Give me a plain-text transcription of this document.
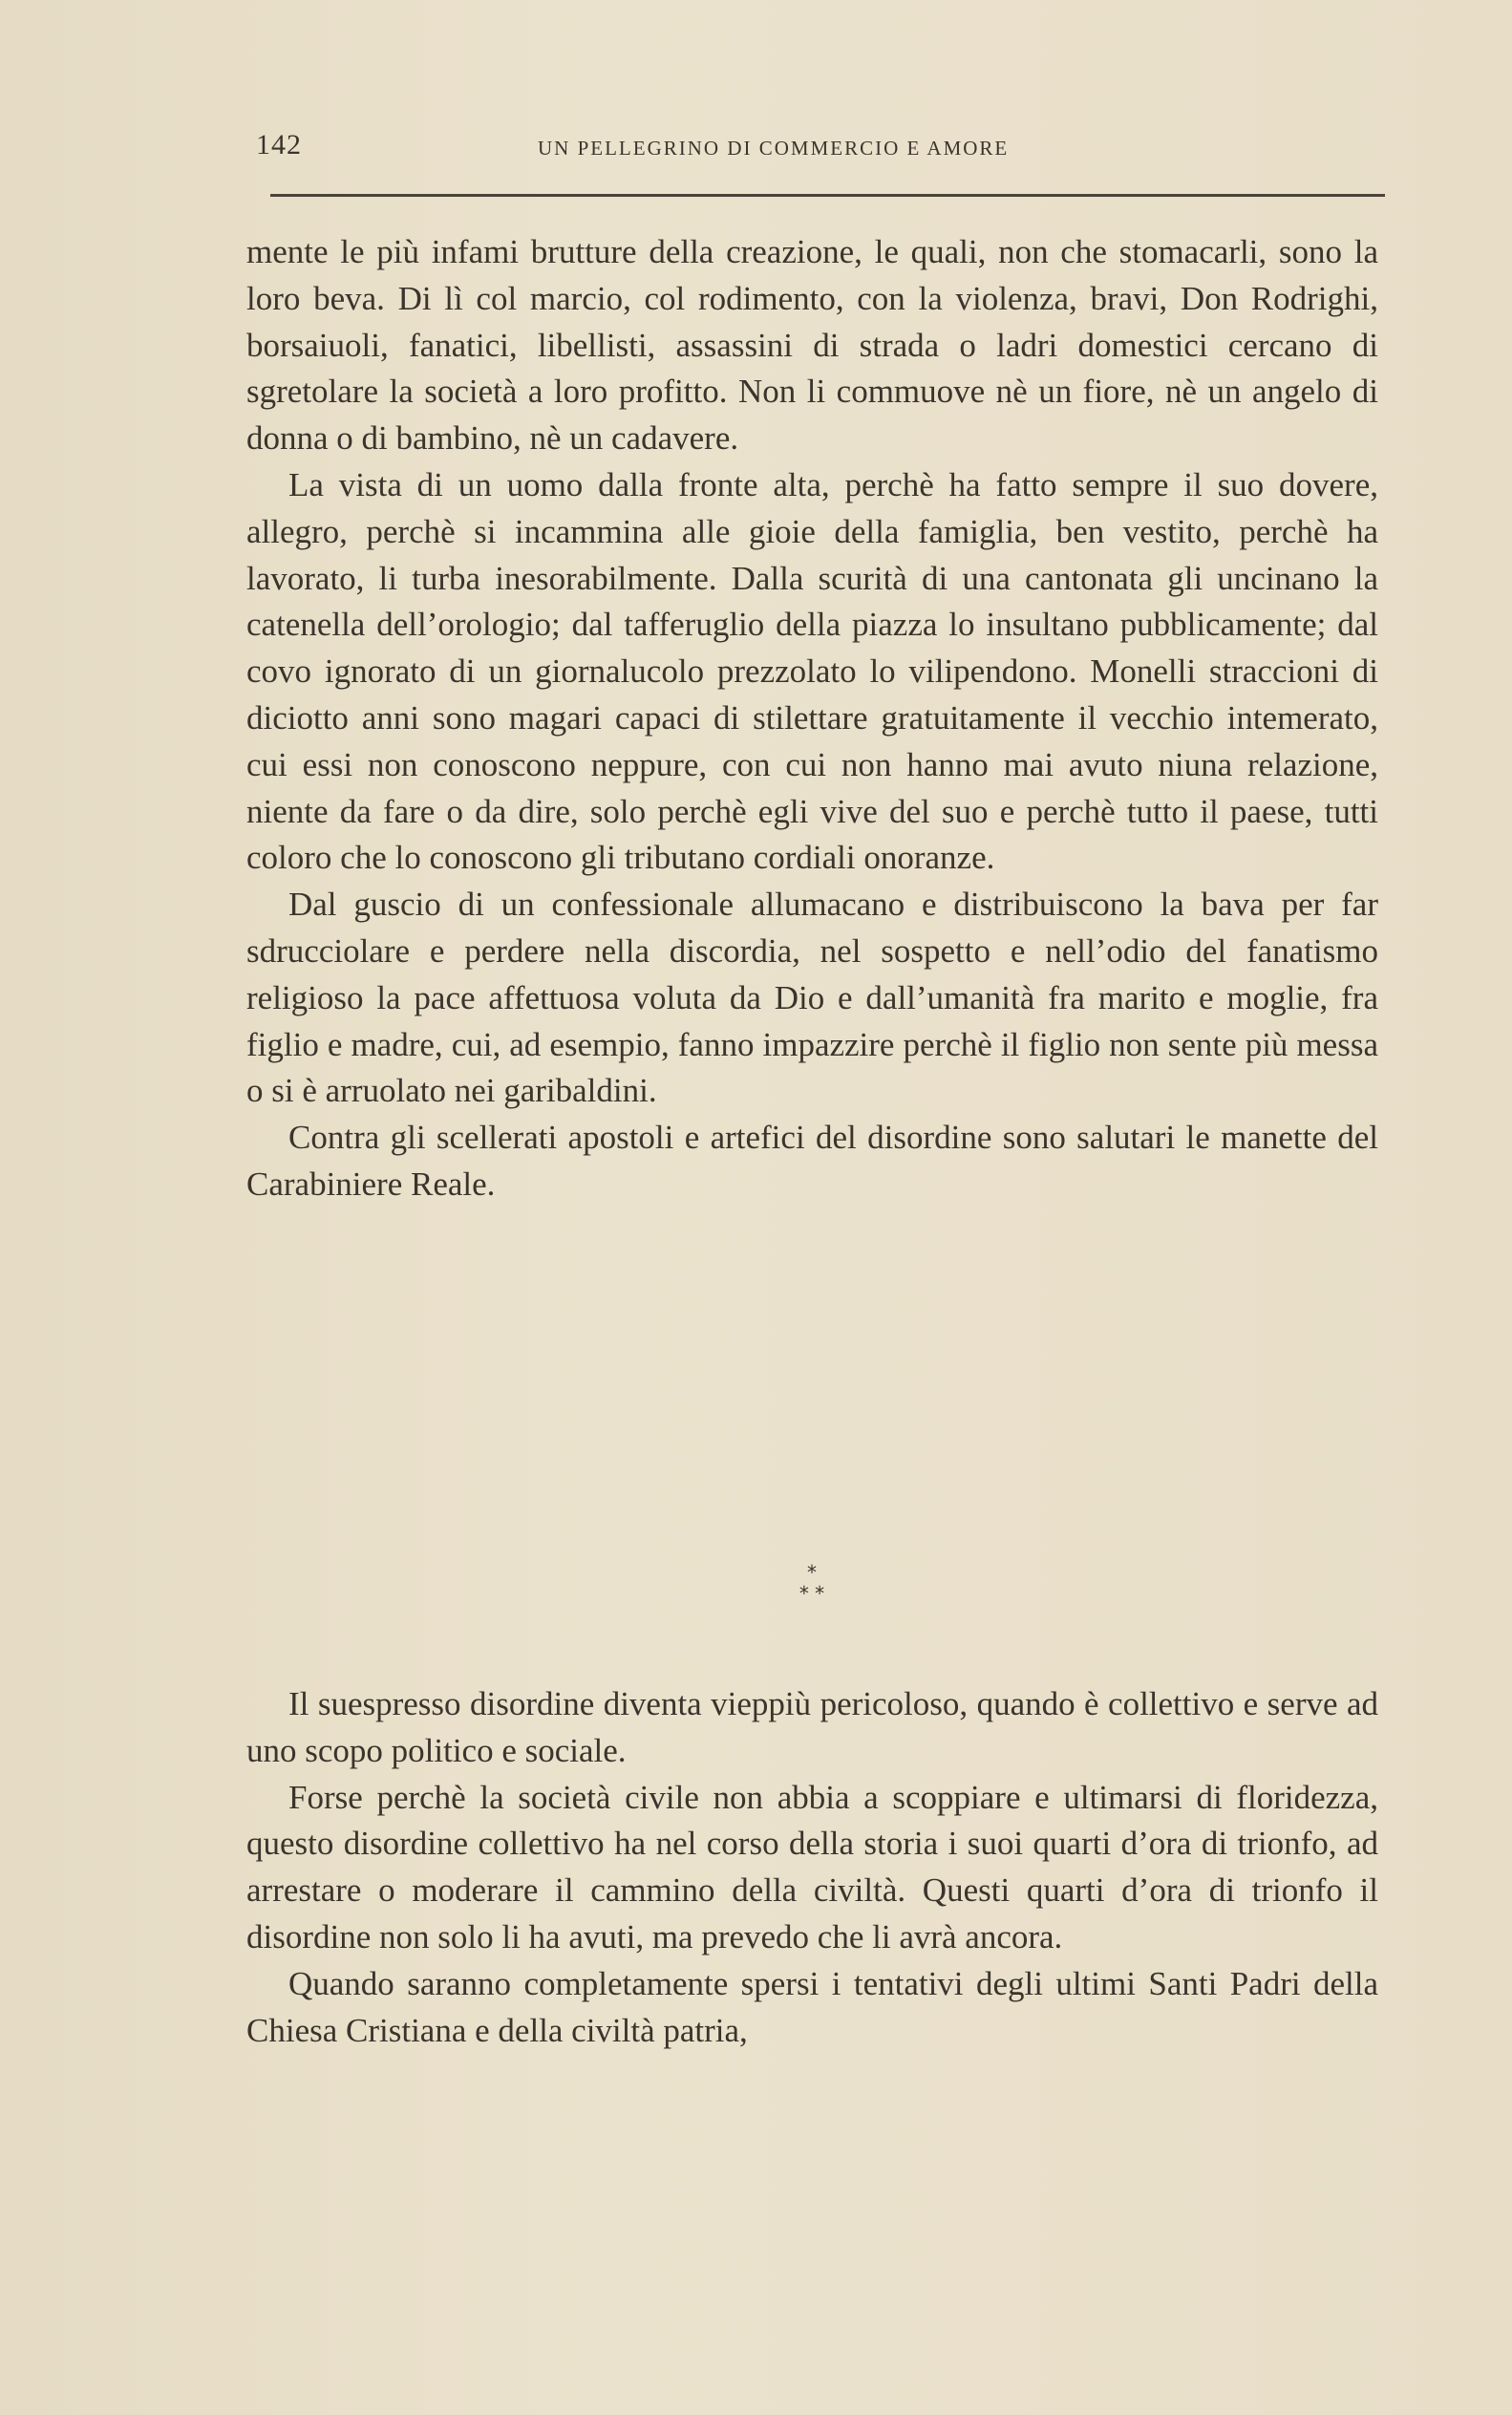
142	UN PELLEGRINO DI COMMERCIO E AMORE

mente le più infami brutture della creazione, le quali, non che stomacarli, sono la loro beva. Di lì col marcio, col rodimento, con la violenza, bravi, Don Rodrighi, borsaiuoli, fanatici, libellisti, assassini di strada o ladri domestici cercano di sgretolare la società a loro profitto. Non li commuove nè un fiore, nè un angelo di donna o di bambino, nè un cadavere.

La vista di un uomo dalla fronte alta, perchè ha fatto sempre il suo dovere, allegro, perchè si incammina alle gioie della famiglia, ben vestito, perchè ha lavorato, li turba inesorabilmente. Dalla scurità di una cantonata gli uncinano la catenella dell’orologio; dal tafferuglio della piazza lo insultano pubblicamente; dal covo ignorato di un giornalucolo prezzolato lo vilipendono. Monelli straccioni di diciotto anni sono magari capaci di stilettare gratuitamente il vecchio intemerato, cui essi non conoscono neppure, con cui non hanno mai avuto niuna relazione, niente da fare o da dire, solo perchè egli vive del suo e perchè tutto il paese, tutti coloro che lo conoscono gli tributano cordiali onoranze.

Dal guscio di un confessionale allumacano e distribuiscono la bava per far sdrucciolare e perdere nella discordia, nel sospetto e nell’odio del fanatismo religioso la pace affettuosa voluta da Dio e dall’umanità fra marito e moglie, fra figlio e madre, cui, ad esempio, fanno impazzire perchè il figlio non sente più messa o si è arruolato nei garibaldini.

Contra gli scellerati apostoli e artefici del disordine sono salutari le manette del Carabiniere Reale.

*
* *

Il suespresso disordine diventa vieppiù pericoloso, quando è collettivo e serve ad uno scopo politico e sociale.

Forse perchè la società civile non abbia a scoppiare e ultimarsi di floridezza, questo disordine collettivo ha nel corso della storia i suoi quarti d’ora di trionfo, ad arrestare o moderare il cammino della civiltà. Questi quarti d’ora di trionfo il disordine non solo li ha avuti, ma prevedo che li avrà ancora.

Quando saranno completamente spersi i tentativi degli ultimi Santi Padri della Chiesa Cristiana e della civiltà patria,
